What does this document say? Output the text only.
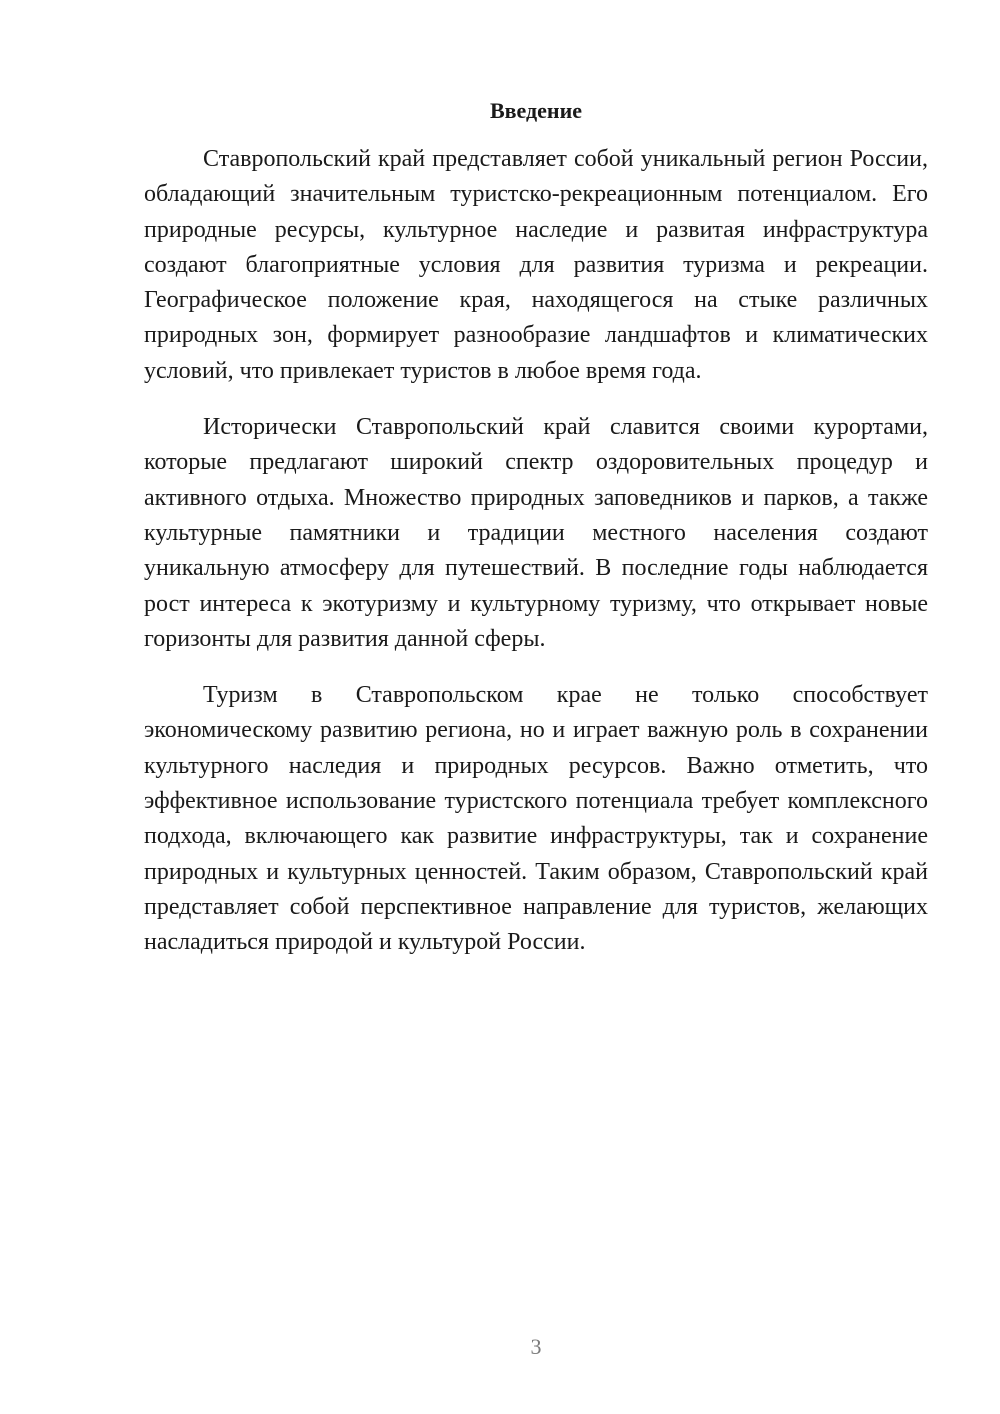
Введение

Ставропольский край представляет собой уникальный регион России, обладающий значительным туристско-рекреационным потенциалом. Его природные ресурсы, культурное наследие и развитая инфраструктура создают благоприятные условия для развития туризма и рекреации. Географическое положение края, находящегося на стыке различных природных зон, формирует разнообразие ландшафтов и климатических условий, что привлекает туристов в любое время года.

Исторически Ставропольский край славится своими курортами, которые предлагают широкий спектр оздоровительных процедур и активного отдыха. Множество природных заповедников и парков, а также культурные памятники и традиции местного населения создают уникальную атмосферу для путешествий. В последние годы наблюдается рост интереса к экотуризму и культурному туризму, что открывает новые горизонты для развития данной сферы.

Туризм в Ставропольском крае не только способствует экономическому развитию региона, но и играет важную роль в сохранении культурного наследия и природных ресурсов. Важно отметить, что эффективное использование туристского потенциала требует комплексного подхода, включающего как развитие инфраструктуры, так и сохранение природных и культурных ценностей. Таким образом, Ставропольский край представляет собой перспективное направление для туристов, желающих насладиться природой и культурой России.

3
